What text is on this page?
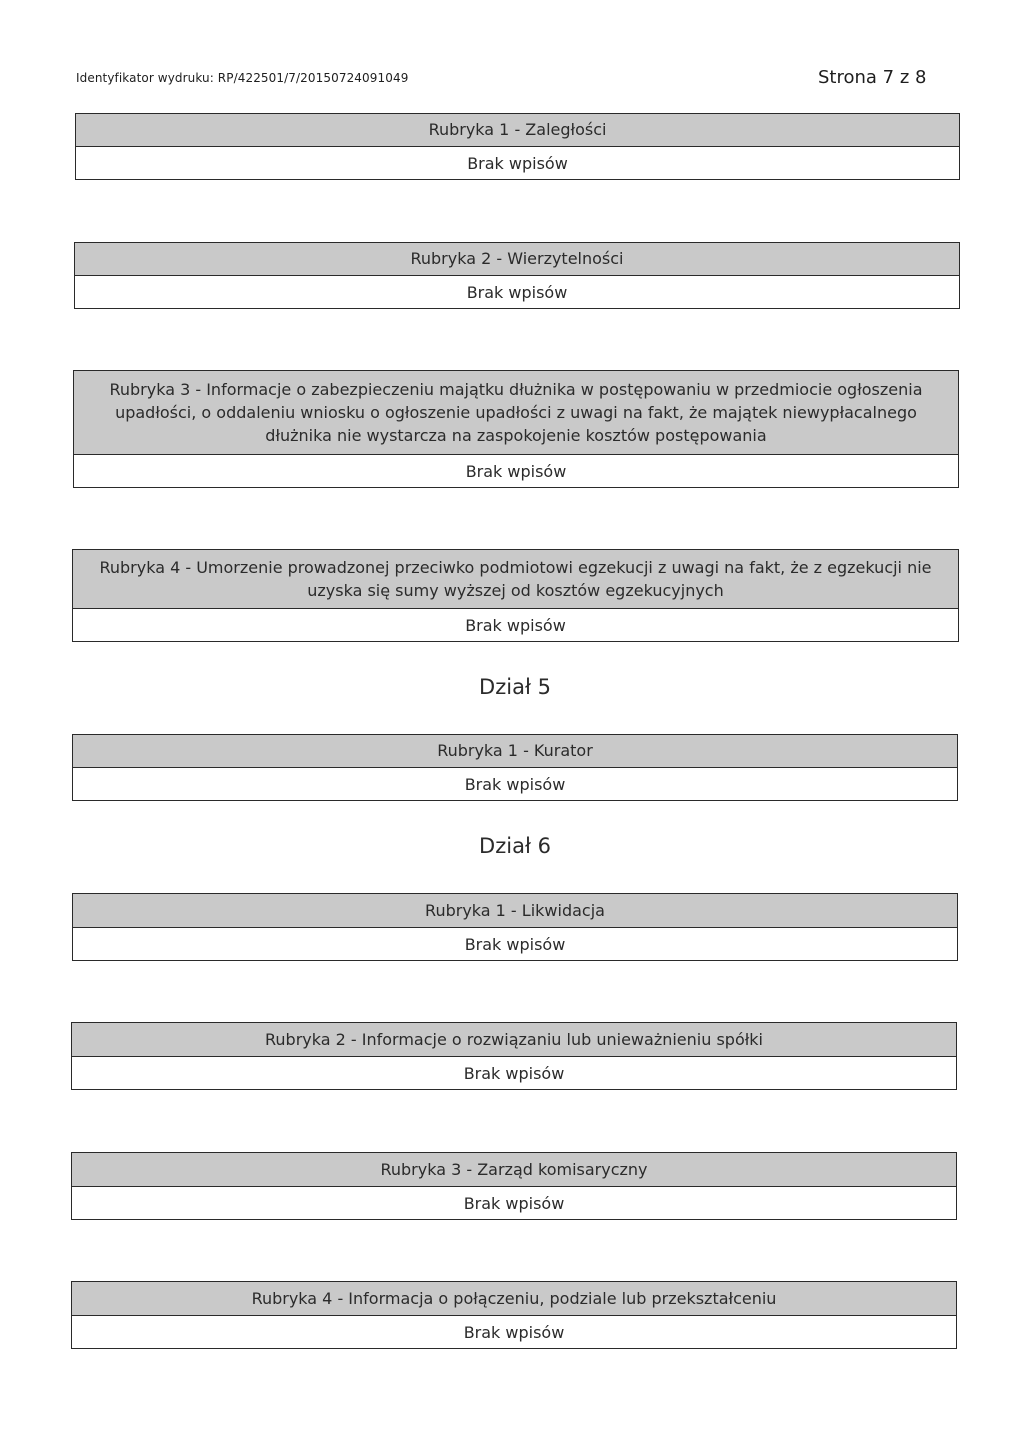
Identyfikator wydruku: RP/422501/7/20150724091049	Strona 7 z 8
Rubryka 1 - Zaległości
Brak wpisów
Rubryka 2 - Wierzytelności
Brak wpisów
Rubryka 3 - Informacje o zabezpieczeniu majątku dłużnika w postępowaniu w przedmiocie ogłoszenia upadłości, o oddaleniu wniosku o ogłoszenie upadłości z uwagi na fakt, że majątek niewypłacalnego dłużnika nie wystarcza na zaspokojenie kosztów postępowania
Brak wpisów
Rubryka 4 - Umorzenie prowadzonej przeciwko podmiotowi egzekucji z uwagi na fakt, że z egzekucji nie uzyska się sumy wyższej od kosztów egzekucyjnych
Brak wpisów
Dział 5
Rubryka 1 - Kurator
Brak wpisów
Dział 6
Rubryka 1 - Likwidacja
Brak wpisów
Rubryka 2 - Informacje o rozwiązaniu lub unieważnieniu spółki
Brak wpisów
Rubryka 3 - Zarząd komisaryczny
Brak wpisów
Rubryka 4 - Informacja o połączeniu, podziale lub przekształceniu
Brak wpisów
